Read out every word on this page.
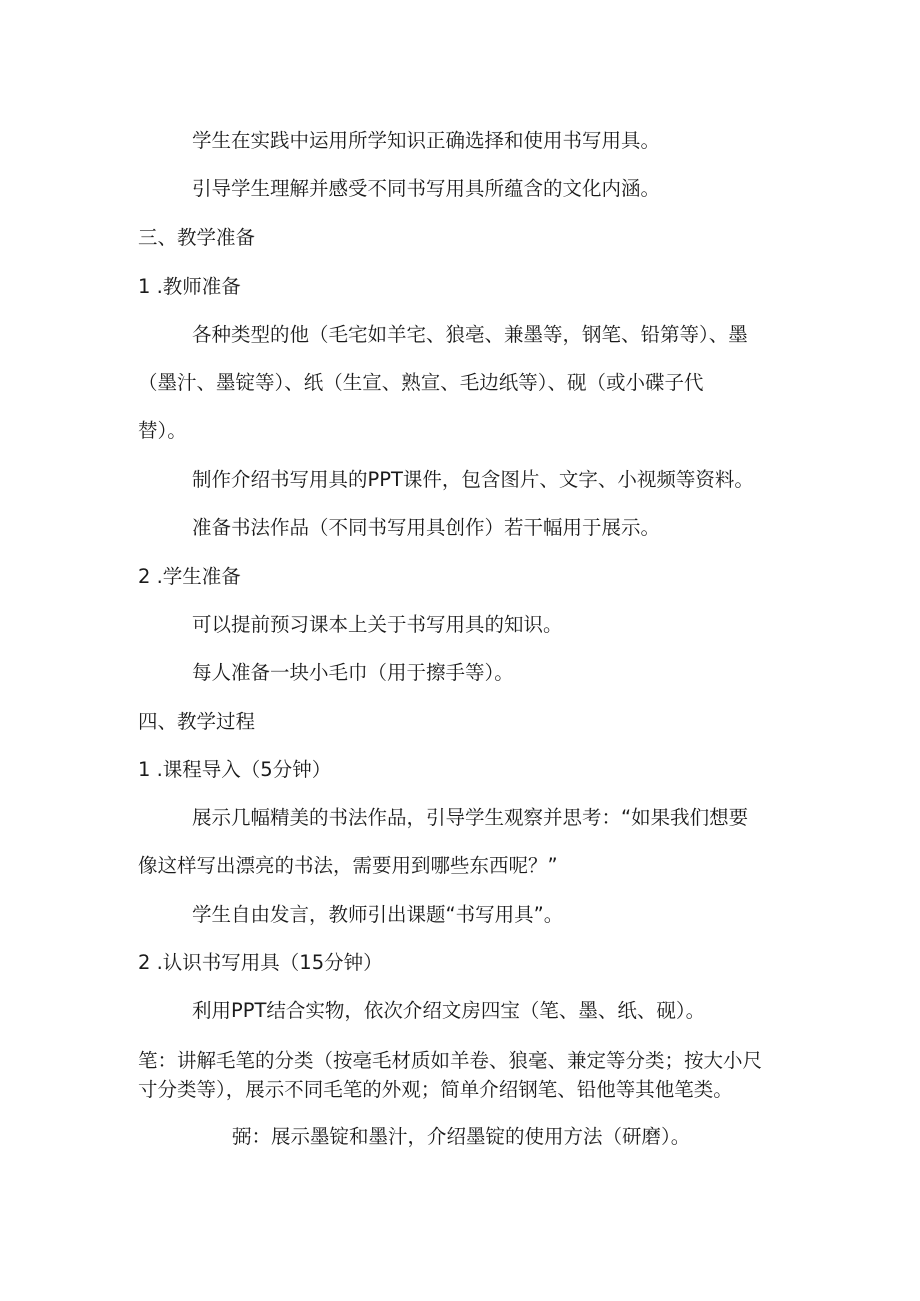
学生在实践中运用所学知识正确选择和使用书写用具。

引导学生理解并感受不同书写用具所蕴含的文化内涵。

三、教学准备

1 .教师准备

各种类型的他（毛宅如羊宅、狼亳、兼墨等，钢笔、铅第等）、墨

（墨汁、墨锭等）、纸（生宣、熟宣、毛边纸等）、砚（或小碟子代

替）。

制作介绍书写用具的PPT课件，包含图片、文字、小视频等资料。

准备书法作品（不同书写用具创作）若干幅用于展示。

2 .学生准备

可以提前预习课本上关于书写用具的知识。

每人准备一块小毛巾（用于擦手等）。

四、教学过程

1 .课程导入（5分钟）

展示几幅精美的书法作品，引导学生观察并思考：“如果我们想要

像这样写出漂亮的书法，需要用到哪些东西呢？”

学生自由发言，教师引出课题“书写用具”。

2 .认识书写用具（15分钟）

利用PPT结合实物，依次介绍文房四宝（笔、墨、纸、砚）。

笔：讲解毛笔的分类（按亳毛材质如羊卷、狼毫、兼定等分类；按大小尺

寸分类等），展示不同毛笔的外观；简单介绍钢笔、铅他等其他笔类。

弼：展示墨锭和墨汁，介绍墨锭的使用方法（研磨）。
